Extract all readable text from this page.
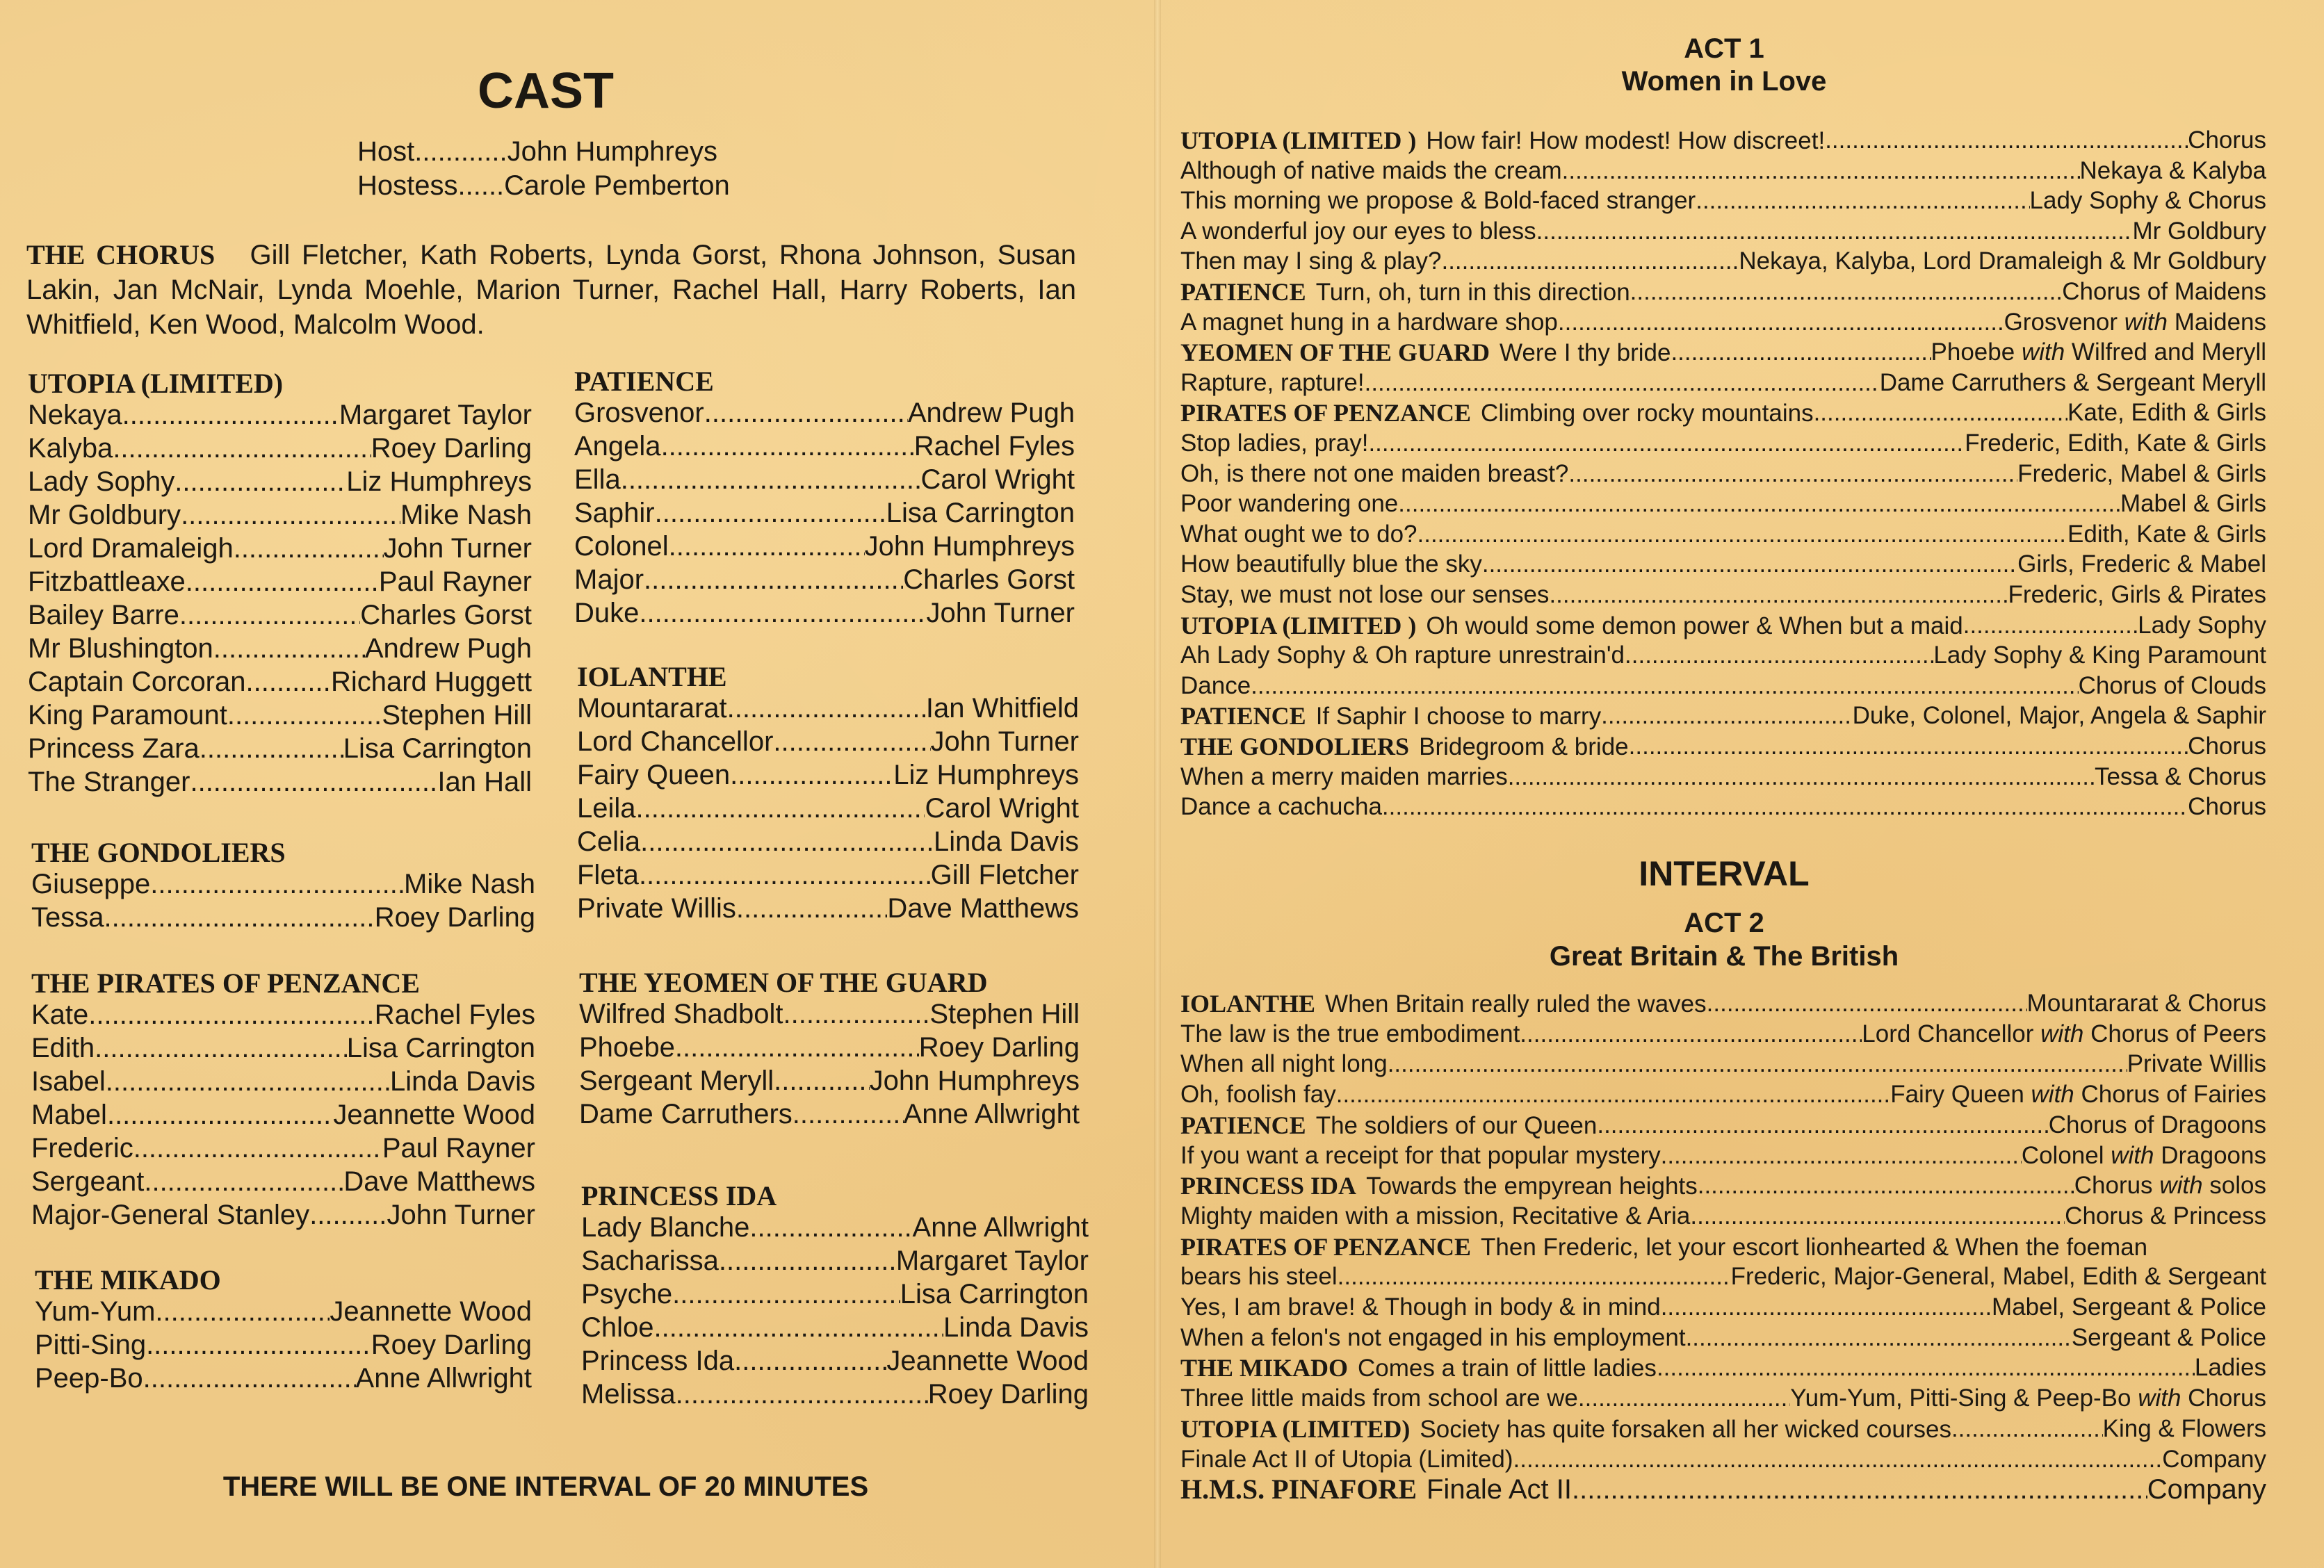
CAST
Host............John Humphreys
Hostess......Carole Pemberton
THE CHORUS Gill Fletcher, Kath Roberts, Lynda Gorst, Rhona Johnson, Susan Lakin, Jan McNair, Lynda Moehle, Marion Turner, Rachel Hall, Harry Roberts, Ian Whitfield, Ken Wood, Malcolm Wood.
UTOPIA (LIMITED)
Nekaya .....	Margaret Taylor
Kalyba .....	Roey Darling
Lady Sophy .....	Liz Humphreys
Mr Goldbury .....	Mike Nash
Lord Dramaleigh .....	John Turner
Fitzbattleaxe .....	Paul Rayner
Bailey Barre .....	Charles Gorst
Mr Blushington .....	Andrew Pugh
Captain Corcoran .....	Richard Huggett
King Paramount .....	Stephen Hill
Princess Zara .....	Lisa Carrington
The Stranger .....	Ian Hall
THE GONDOLIERS
Giuseppe .....	Mike Nash
Tessa .....	Roey Darling
THE PIRATES OF PENZANCE
Kate .....	Rachel Fyles
Edith .....	Lisa Carrington
Isabel .....	Linda Davis
Mabel .....	Jeannette Wood
Frederic .....	Paul Rayner
Sergeant .....	Dave Matthews
Major-General Stanley .....	John Turner
THE MIKADO
Yum-Yum .....	Jeannette Wood
Pitti-Sing .....	Roey Darling
Peep-Bo .....	Anne Allwright
PATIENCE
Grosvenor .....	Andrew Pugh
Angela .....	Rachel Fyles
Ella .....	Carol Wright
Saphir .....	Lisa Carrington
Colonel .....	John Humphreys
Major .....	Charles Gorst
Duke .....	John Turner
IOLANTHE
Mountararat .....	Ian Whitfield
Lord Chancellor .....	John Turner
Fairy Queen .....	Liz Humphreys
Leila .....	Carol Wright
Celia .....	Linda Davis
Fleta .....	Gill Fletcher
Private Willis .....	Dave Matthews
THE YEOMEN OF THE GUARD
Wilfred Shadbolt .....	Stephen Hill
Phoebe .....	Roey Darling
Sergeant Meryll .....	John Humphreys
Dame Carruthers .....	Anne Allwright
PRINCESS IDA
Lady Blanche .....	Anne Allwright
Sacharissa .....	Margaret Taylor
Psyche .....	Lisa Carrington
Chloe .....	Linda Davis
Princess Ida .....	Jeannette Wood
Melissa .....	Roey Darling
THERE WILL BE ONE INTERVAL OF 20 MINUTES
ACT 1
Women in Love
UTOPIA (LIMITED ) How fair! How modest! How discreet! .....	Chorus
Although of native maids the cream .....	Nekaya & Kalyba
This morning we propose & Bold-faced stranger .....	Lady Sophy & Chorus
A wonderful joy our eyes to bless .....	Mr Goldbury
Then may I sing & play? .....	Nekaya, Kalyba, Lord Dramaleigh & Mr Goldbury
PATIENCE Turn, oh, turn in this direction .....	Chorus of Maidens
A magnet hung in a hardware shop .....	Grosvenor with Maidens
YEOMEN OF THE GUARD Were I thy bride .....	Phoebe with Wilfred and Meryll
Rapture, rapture! .....	Dame Carruthers & Sergeant Meryll
PIRATES OF PENZANCE Climbing over rocky mountains .....	Kate, Edith & Girls
Stop ladies, pray! .....	Frederic, Edith, Kate & Girls
Oh, is there not one maiden breast? .....	Frederic, Mabel & Girls
Poor wandering one .....	Mabel & Girls
What ought we to do? .....	Edith, Kate & Girls
How beautifully blue the sky .....	Girls, Frederic & Mabel
Stay, we must not lose our senses .....	Frederic, Girls & Pirates
UTOPIA (LIMITED ) Oh would some demon power & When but a maid .....	Lady Sophy
Ah Lady Sophy & Oh rapture unrestrain'd .....	Lady Sophy & King Paramount
Dance .....	Chorus of Clouds
PATIENCE If Saphir I choose to marry .....	Duke, Colonel, Major, Angela & Saphir
THE GONDOLIERS Bridegroom & bride .....	Chorus
When a merry maiden marries .....	Tessa & Chorus
Dance a cachucha .....	Chorus
INTERVAL
ACT 2
Great Britain & The British
IOLANTHE When Britain really ruled the waves .....	Mountararat & Chorus
The law is the true embodiment .....	Lord Chancellor with Chorus of Peers
When all night long .....	Private Willis
Oh, foolish fay .....	Fairy Queen with Chorus of Fairies
PATIENCE The soldiers of our Queen .....	Chorus of Dragoons
If you want a receipt for that popular mystery .....	Colonel with Dragoons
PRINCESS IDA Towards the empyrean heights .....	Chorus with solos
Mighty maiden with a mission, Recitative & Aria .....	Chorus & Princess
PIRATES OF PENZANCE Then Frederic, let your escort lionhearted & When the foeman
bears his steel .....	Frederic, Major-General, Mabel, Edith & Sergeant
Yes, I am brave! & Though in body & in mind .....	Mabel, Sergeant & Police
When a felon's not engaged in his employment .....	Sergeant & Police
THE MIKADO Comes a train of little ladies .....	Ladies
Three little maids from school are we .....	Yum-Yum, Pitti-Sing & Peep-Bo with Chorus
UTOPIA (LIMITED) Society has quite forsaken all her wicked courses .....	King & Flowers
Finale Act II of Utopia (Limited) .....	Company
H.M.S. PINAFORE Finale Act II .....	Company
